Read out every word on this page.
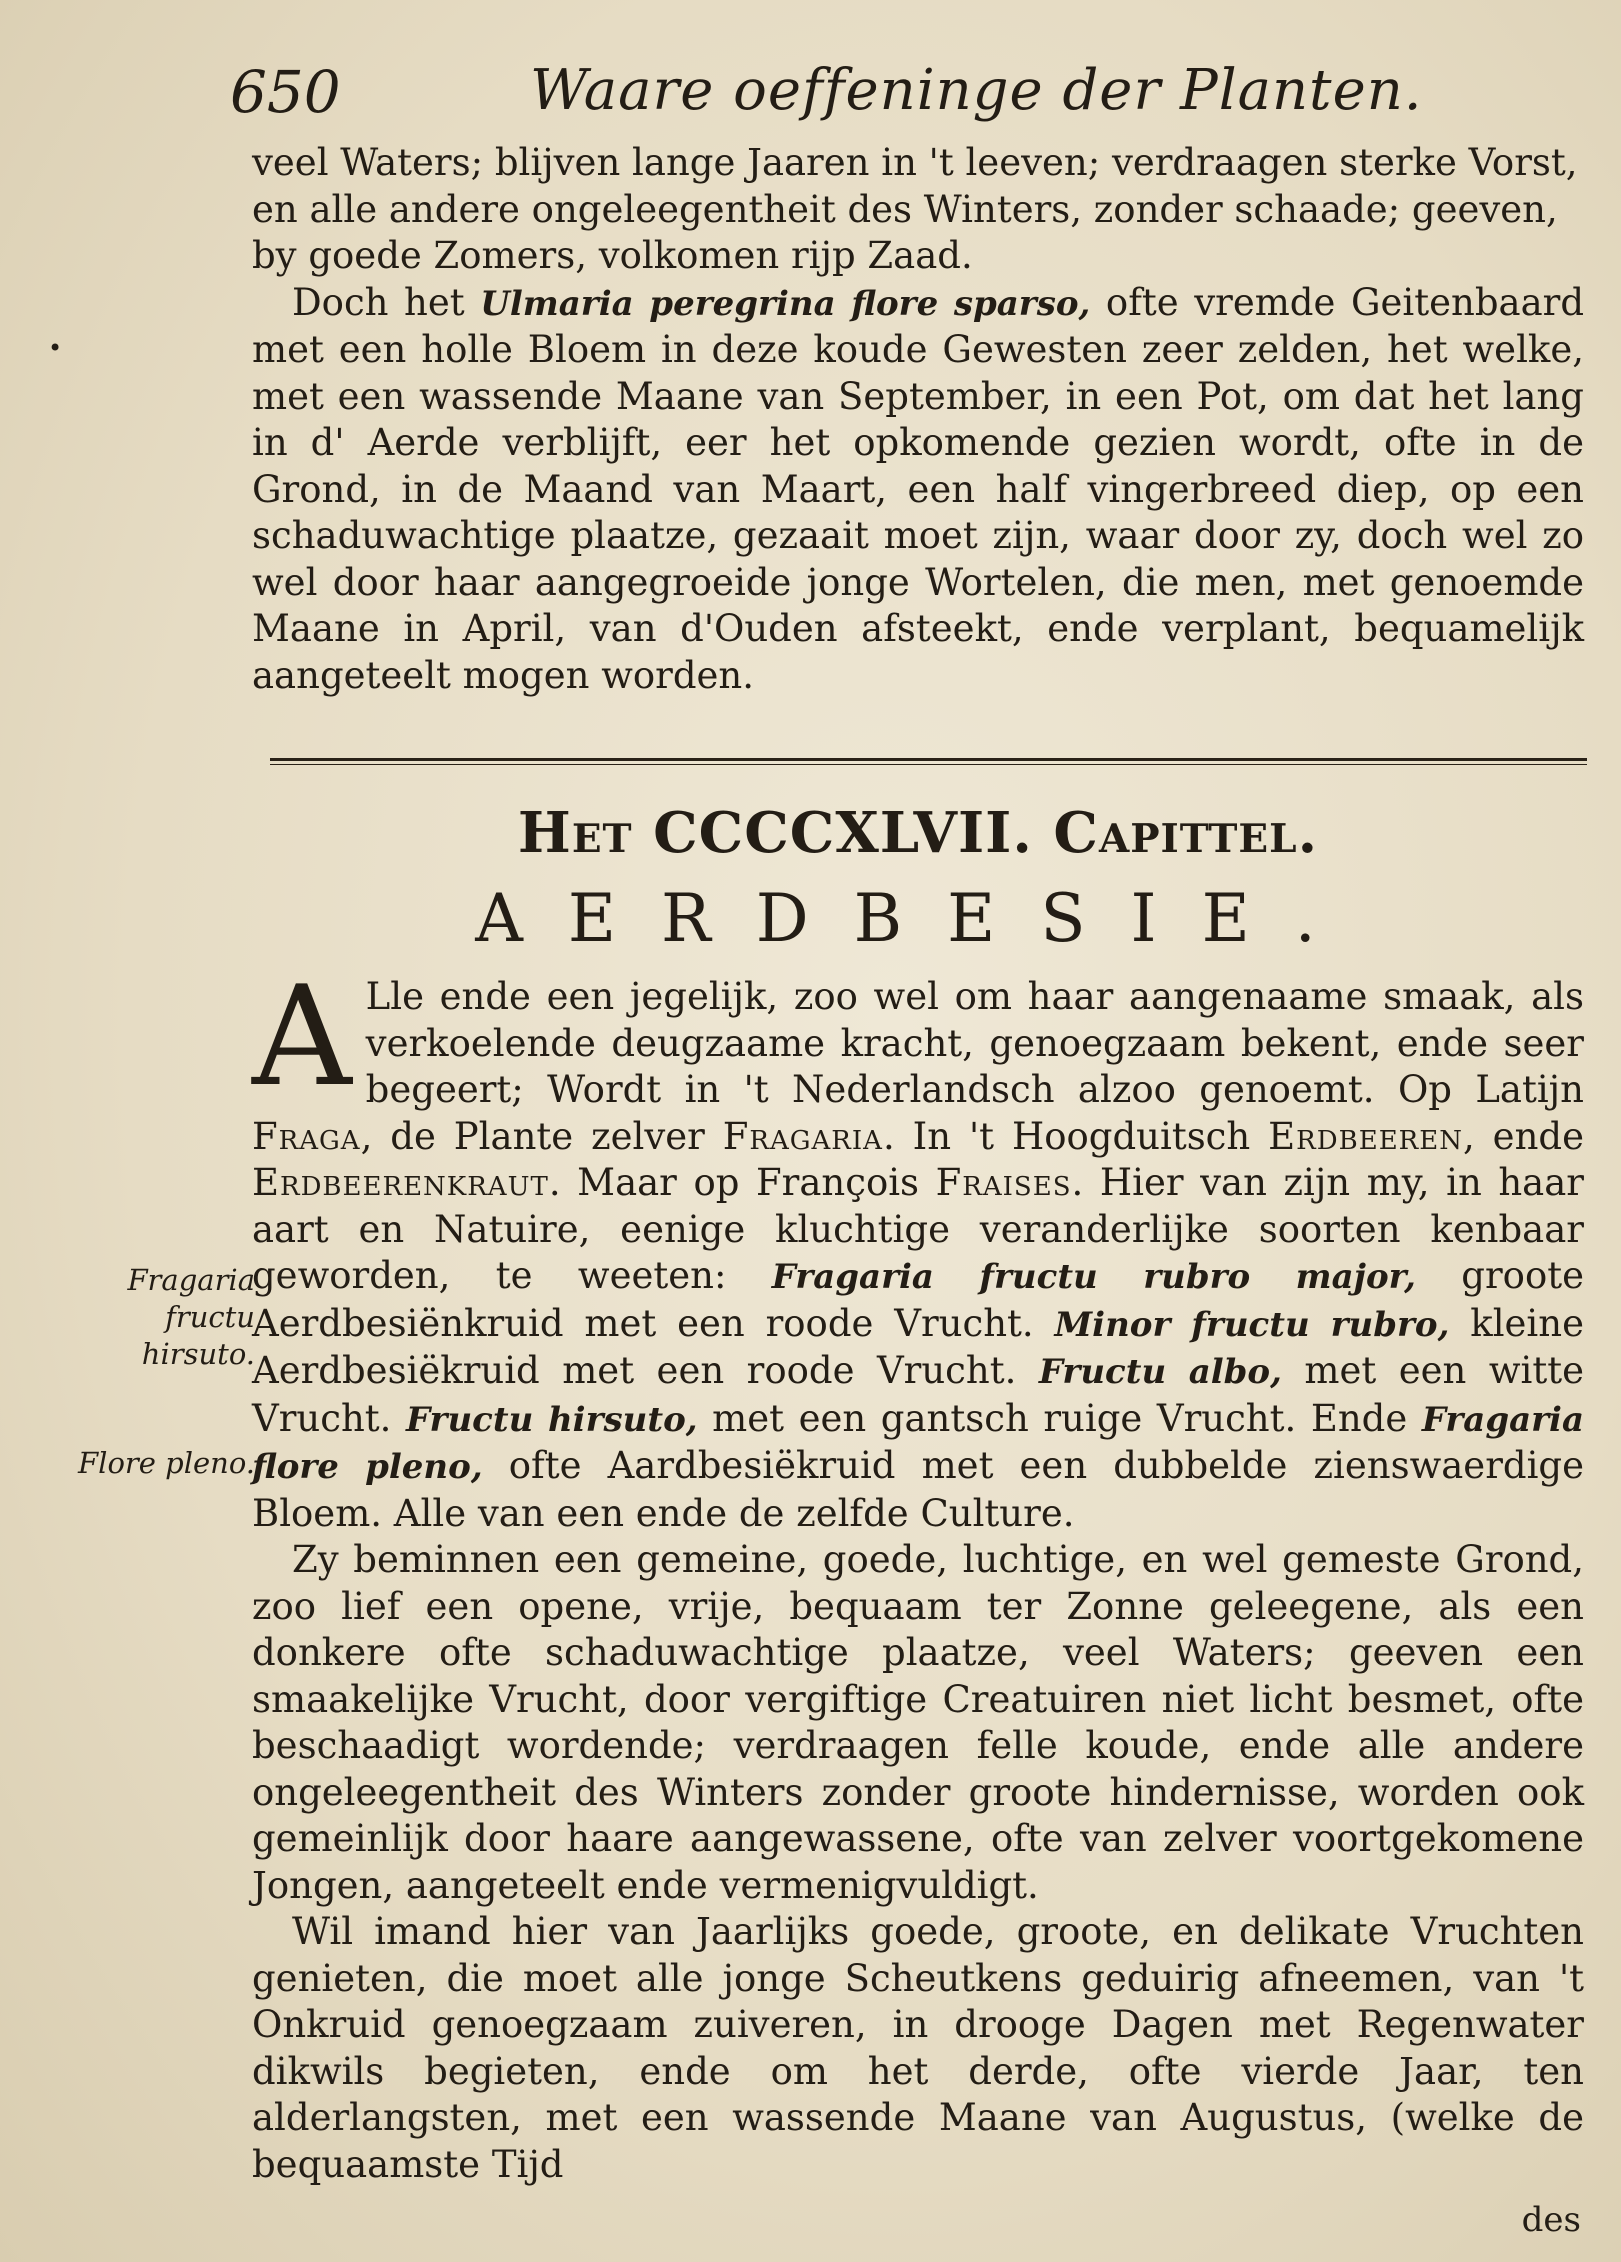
650	Waare oeffeninge der Planten.
•

veel Waters; blijven lange Jaaren in 't leeven; verdraagen sterke Vorst,

en alle andere ongeleegentheit des Winters, zonder schaade; geeven,

by goede Zomers, volkomen rijp Zaad.

Doch het Ulmaria peregrina flore sparso, ofte vremde Geitenbaard met een holle Bloem in deze koude Gewesten zeer zelden, het welke, met een wassende Maane van September, in een Pot, om dat het lang in d' Aerde verblijft, eer het opkomende gezien wordt, ofte in de Grond, in de Maand van Maart, een half vingerbreed diep, op een schaduwachtige plaatze, gezaait moet zijn, waar door zy, doch wel zo wel door haar aangegroeide jonge Wortelen, die men, met genoemde Maane in April, van d'Ouden afsteekt, ende verplant, bequamelijk aangeteelt mogen worden.

Het CCCCXLVII. Capittel.
AERDBESIE.
Fragaria fructu hirsuto.
Flore pleno.

A Lle ende een jegelijk, zoo wel om haar aangenaame smaak, als verkoelende deugzaame kracht, genoegzaam bekent, ende seer begeert; Wordt in 't Nederlandsch alzoo genoemt. Op Latijn Fraga, de Plante zelver Fragaria. In 't Hoogduitsch Erdbeeren, ende Erdbeerenkraut. Maar op François Fraises. Hier van zijn my, in haar aart en Natuire, eenige kluchtige veranderlijke soorten kenbaar geworden, te weeten: Fragaria fructu rubro major, groote Aerdbesiënkruid met een roode Vrucht. Minor fructu rubro, kleine Aerdbesiëkruid met een roode Vrucht. Fructu albo, met een witte Vrucht. Fructu hirsuto, met een gantsch ruige Vrucht. Ende Fragaria flore pleno, ofte Aardbesiëkruid met een dubbelde zienswaerdige Bloem. Alle van een ende de zelfde Culture.

Zy beminnen een gemeine, goede, luchtige, en wel gemeste Grond, zoo lief een opene, vrije, bequaam ter Zonne geleegene, als een donkere ofte schaduwachtige plaatze, veel Waters; geeven een smaakelijke Vrucht, door vergiftige Creatuiren niet licht besmet, ofte beschaadigt wordende; verdraagen felle koude, ende alle andere ongeleegentheit des Winters zonder groote hindernisse, worden ook gemeinlijk door haare aangewassene, ofte van zelver voortgekomene Jongen, aangeteelt ende vermenigvuldigt.

Wil imand hier van Jaarlijks goede, groote, en delikate Vruchten genieten, die moet alle jonge Scheutkens geduirig afneemen, van 't Onkruid genoegzaam zuiveren, in drooge Dagen met Regenwater dikwils begieten, ende om het derde, ofte vierde Jaar, ten alderlangsten, met een wassende Maane van Augustus, (welke de bequaamste Tijd

des
